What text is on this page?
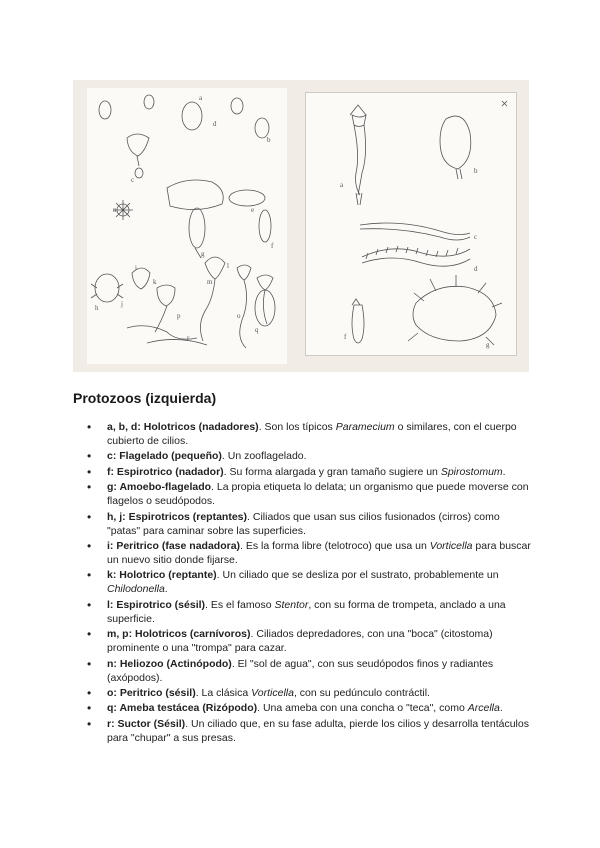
a
b
c
d
e
f
g
h
i
j
k
l
m
n
o
p
q
r
a
b
c
d
f
g
Protozoos (izquierda)
• a, b, d: Holotricos (nadadores). Son los típicos Paramecium o similares, con el cuerpo cubierto de cilios.
• c: Flagelado (pequeño). Un zooflagelado.
• f: Espirotrico (nadador). Su forma alargada y gran tamaño sugiere un Spirostomum.
• g: Amoebo-flagelado. La propia etiqueta lo delata; un organismo que puede moverse con flagelos o seudópodos.
• h, j: Espirotricos (reptantes). Ciliados que usan sus cilios fusionados (cirros) como "patas" para caminar sobre las superficies.
• i: Peritrico (fase nadadora). Es la forma libre (telotroco) que usa un Vorticella para buscar un nuevo sitio donde fijarse.
• k: Holotrico (reptante). Un ciliado que se desliza por el sustrato, probablemente un Chilodonella.
• l: Espirotrico (sésil). Es el famoso Stentor, con su forma de trompeta, anclado a una superficie.
• m, p: Holotricos (carnívoros). Ciliados depredadores, con una "boca" (citostoma) prominente o una "trompa" para cazar.
• n: Heliozoo (Actinópodo). El "sol de agua", con sus seudópodos finos y radiantes (axópodos).
• o: Peritrico (sésil). La clásica Vorticella, con su pedúnculo contráctil.
• q: Ameba testácea (Rizópodo). Una ameba con una concha o "teca", como Arcella.
• r: Suctor (Sésil). Un ciliado que, en su fase adulta, pierde los cilios y desarrolla tentáculos para "chupar" a sus presas.
